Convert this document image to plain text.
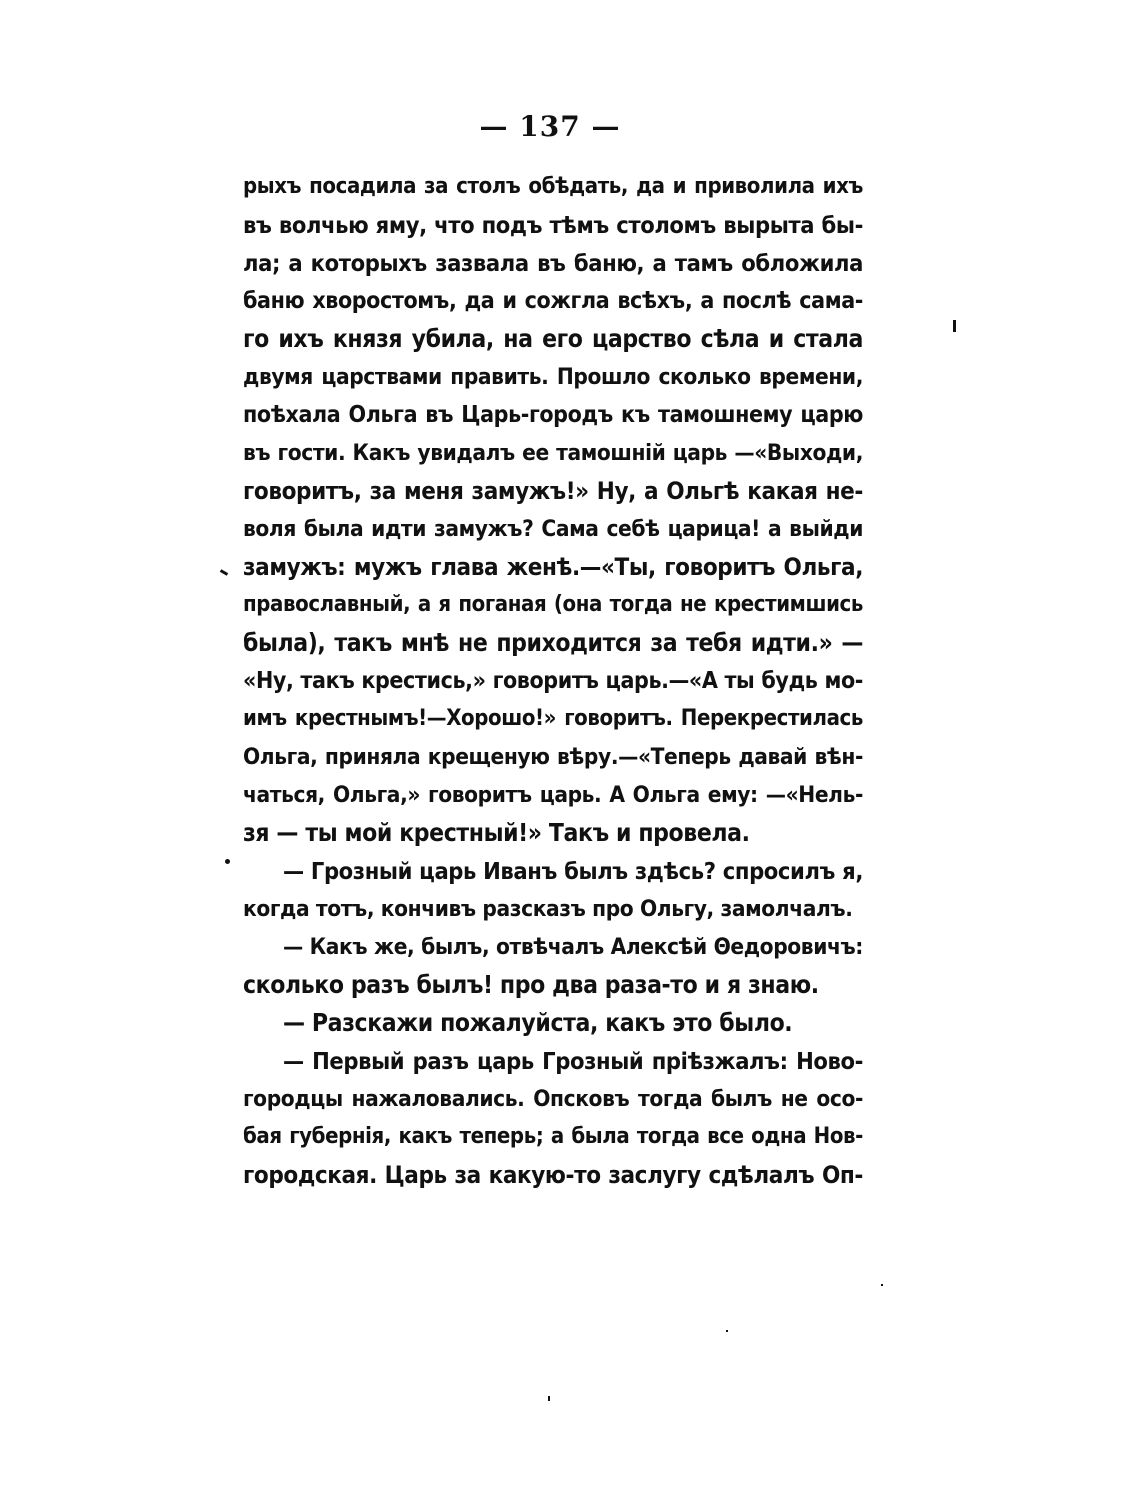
— 137 —
рыхъ посадила за столъ обѣдать, да и приволила ихъ
въ волчью яму, что подъ тѣмъ столомъ вырыта бы-
ла; а которыхъ зазвала въ баню, а тамъ обложила
баню хворостомъ, да и сожгла всѣхъ, а послѣ сама-
го ихъ князя убила, на его царство сѣла и стала
двумя царствами править. Прошло сколько времени,
поѣхала Ольга въ Царь-городъ къ тамошнему царю
въ гости. Какъ увидалъ ее тамошній царь —«Выходи,
говоритъ, за меня замужъ!» Ну, а Ольгѣ какая не-
воля была идти замужъ? Сама себѣ царица! а выйди
замужъ: мужъ глава женѣ.—«Ты, говоритъ Ольга,
православный, а я поганая (она тогда не крестимшись
была), такъ мнѣ не приходится за тебя идти.» —
«Ну, такъ крестись,» говоритъ царь.—«А ты будь мо-
имъ крестнымъ!—Хорошо!» говоритъ. Перекрестилась
Ольга, приняла крещеную вѣру.—«Теперь давай вѣн-
чаться, Ольга,» говоритъ царь. А Ольга ему: —«Нель-
зя — ты мой крестный!» Такъ и провела.
— Грозный царь Иванъ былъ здѣсь? спросилъ я,
когда тотъ, кончивъ разсказъ про Ольгу, замолчалъ.
— Какъ же, былъ, отвѣчалъ Алексѣй Θедоровичъ:
сколько разъ былъ! про два раза-то и я знаю.
— Разскажи пожалуйста, какъ это было.
— Первый разъ царь Грозный пріѣзжалъ: Ново-
городцы нажаловались. Опсковъ тогда былъ не осо-
бая губернія, какъ теперь; а была тогда все одна Нов-
городская. Царь за какую-то заслугу сдѣлалъ Оп-
